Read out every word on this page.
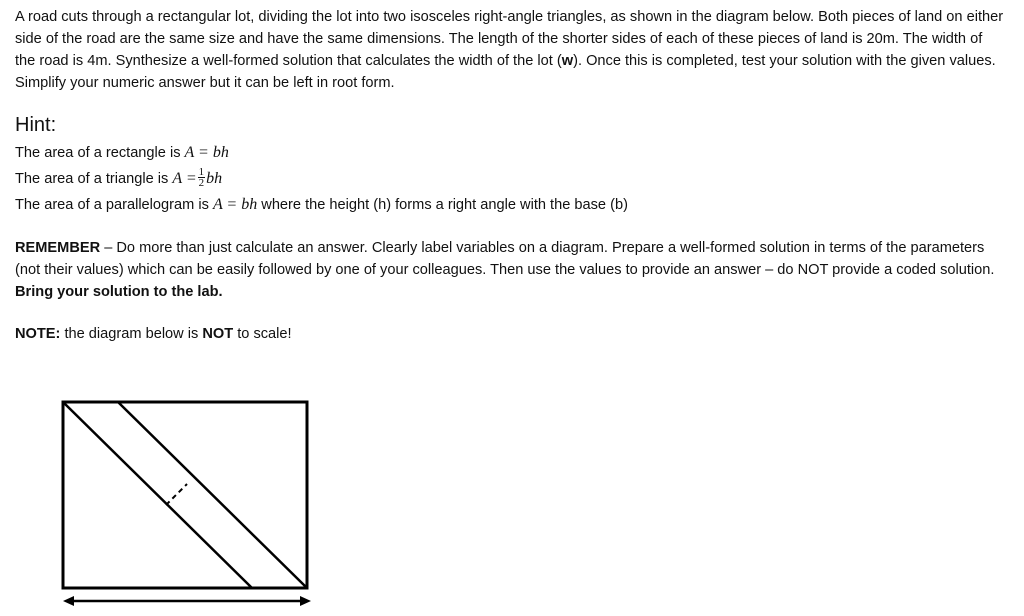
A road cuts through a rectangular lot, dividing the lot into two isosceles right-angle triangles, as shown in the diagram below. Both pieces of land on either side of the road are the same size and have the same dimensions. The length of the shorter sides of each of these pieces of land is 20m. The width of the road is 4m. Synthesize a well-formed solution that calculates the width of the lot (w). Once this is completed, test your solution with the given values. Simplify your numeric answer but it can be left in root form.

Hint:

The area of a rectangle is A = bh

The area of a triangle is $A = \frac{1}{2}$ bh

The area of a parallelogram is A = bh where the height (h) forms a right angle with the base (b)

REMEMBER – Do more than just calculate an answer. Clearly label variables on a diagram. Prepare a well-formed solution in terms of the parameters (not their values) which can be easily followed by one of your colleagues. Then use the values to provide an answer – do NOT provide a coded solution. Bring your solution to the lab.

NOTE: the diagram below is NOT to scale!
